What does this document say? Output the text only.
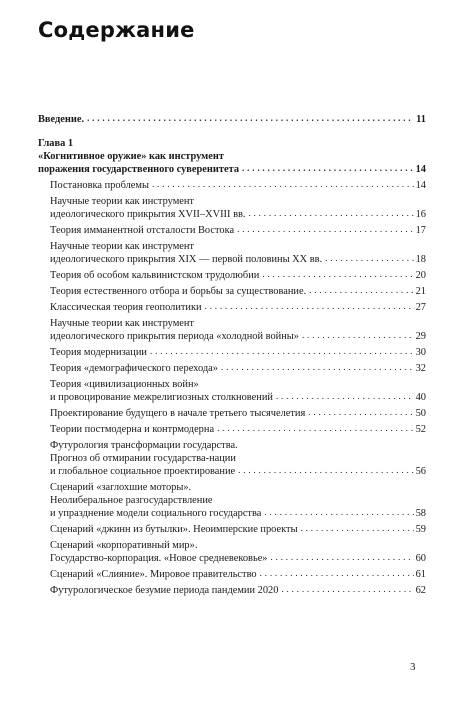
Содержание
Введение. . . .	11
Глава 1
«Когнитивное оружие» как инструмент
поражения государственного суверенитета . . .	14
Постановка проблемы . . .	14
Научные теории как инструмент
идеологического прикрытия XVII–XVIII вв. . . .	16
Теория имманентной отсталости Востока . . .	17
Научные теории как инструмент
идеологического прикрытия XIX — первой половины XX вв. . . .	18
Теория об особом кальвинистском трудолюбии . . .	20
Теория естественного отбора и борьбы за существование. . . .	21
Классическая теория геополитики . . .	27
Научные теории как инструмент
идеологического прикрытия периода «холодной войны» . . .	29
Теория модернизации . . .	30
Теория «демографического перехода» . . .	32
Теория «цивилизационных войн»
и провоцирование межрелигиозных столкновений . . .	40
Проектирование будущего в начале третьего тысячелетия . . .	50
Теории постмодерна и контрмодерна . . .	52
Футурология трансформации государства.
Прогноз об отмирании государства-нации
и глобальное социальное проектирование . . .	56
Сценарий «заглохшие моторы».
Неолиберальное разгосударствление
и упразднение модели социального государства . . .	58
Сценарий «джинн из бутылки». Неоимперские проекты . . .	59
Сценарий «корпоративный мир».
Государство-корпорация. «Новое средневековье» . . .	60
Сценарий «Слияние». Мировое правительство . . .	61
Футурологическое безумие периода пандемии 2020 . . .	62
3
